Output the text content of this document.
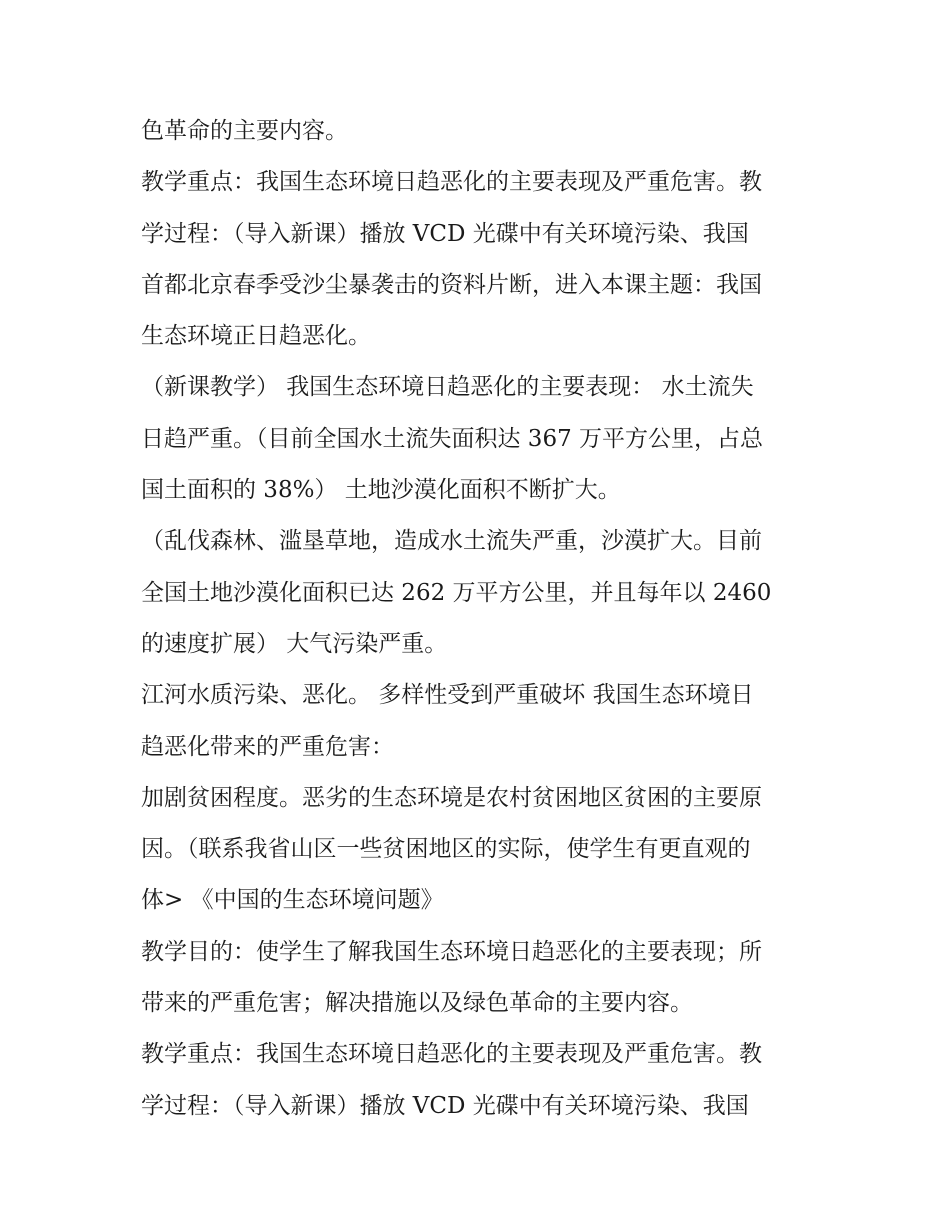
色革命的主要内容。
教学重点：我国生态环境日趋恶化的主要表现及严重危害。教
学过程：（导入新课）播放 VCD 光碟中有关环境污染、我国
首都北京春季受沙尘暴袭击的资料片断，进入本课主题：我国
生态环境正日趋恶化。
（新课教学） 我国生态环境日趋恶化的主要表现： 水土流失
日趋严重。（目前全国水土流失面积达 367 万平方公里，占总
国土面积的 38%） 土地沙漠化面积不断扩大。
（乱伐森林、滥垦草地，造成水土流失严重，沙漠扩大。目前
全国土地沙漠化面积已达 262 万平方公里，并且每年以 2460
的速度扩展） 大气污染严重。
江河水质污染、恶化。 多样性受到严重破坏 我国生态环境日
趋恶化带来的严重危害：
加剧贫困程度。恶劣的生态环境是农村贫困地区贫困的主要原
因。（联系我省山区一些贫困地区的实际，使学生有更直观的
体> 《中国的生态环境问题》
教学目的：使学生了解我国生态环境日趋恶化的主要表现；所
带来的严重危害；解决措施以及绿色革命的主要内容。
教学重点：我国生态环境日趋恶化的主要表现及严重危害。教
学过程：（导入新课）播放 VCD 光碟中有关环境污染、我国
